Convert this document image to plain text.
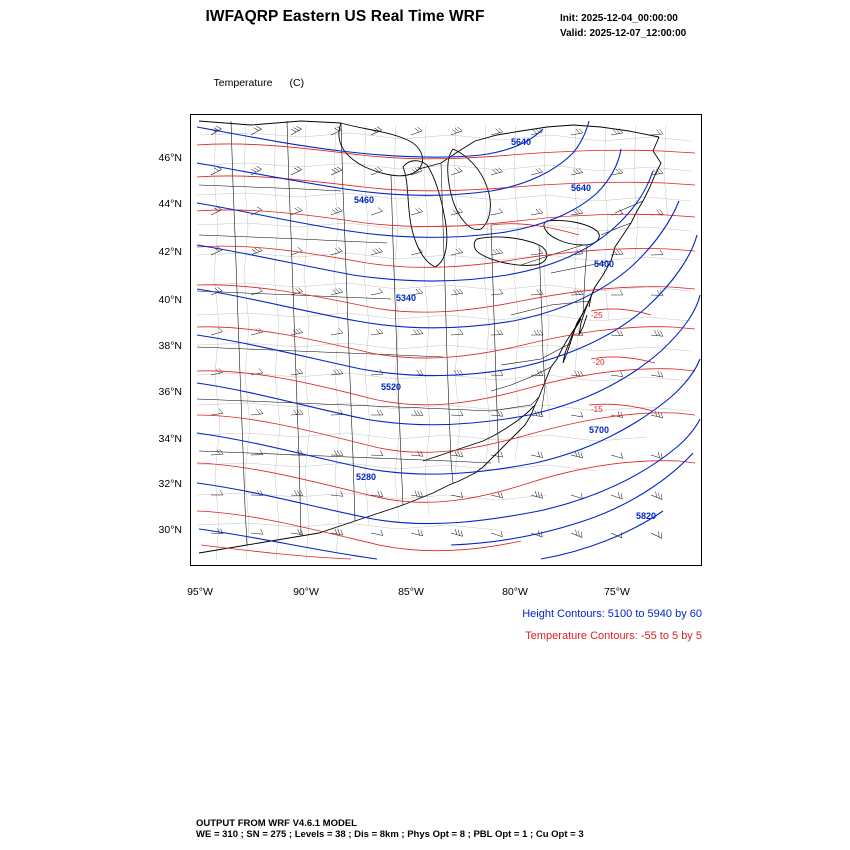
IWFAQRP Eastern US Real Time WRF	Init: 2025-12-04_00:00:00
Valid: 2025-12-07_12:00:00

Temperature (C)

-25
-20
-15
5640
5640
5460
5400
5340
5520
5700
5280
5820
46°N
44°N
42°N
40°N
38°N
36°N
34°N
32°N
30°N
95°W	90°W	85°W	80°W	75°W
Height Contours: 5100 to 5940 by 60
Temperature Contours: -55 to 5 by 5
OUTPUT FROM WRF V4.6.1 MODEL
WE = 310 ; SN = 275 ; Levels = 38 ; Dis = 8km ; Phys Opt = 8 ; PBL Opt = 1 ; Cu Opt = 3
